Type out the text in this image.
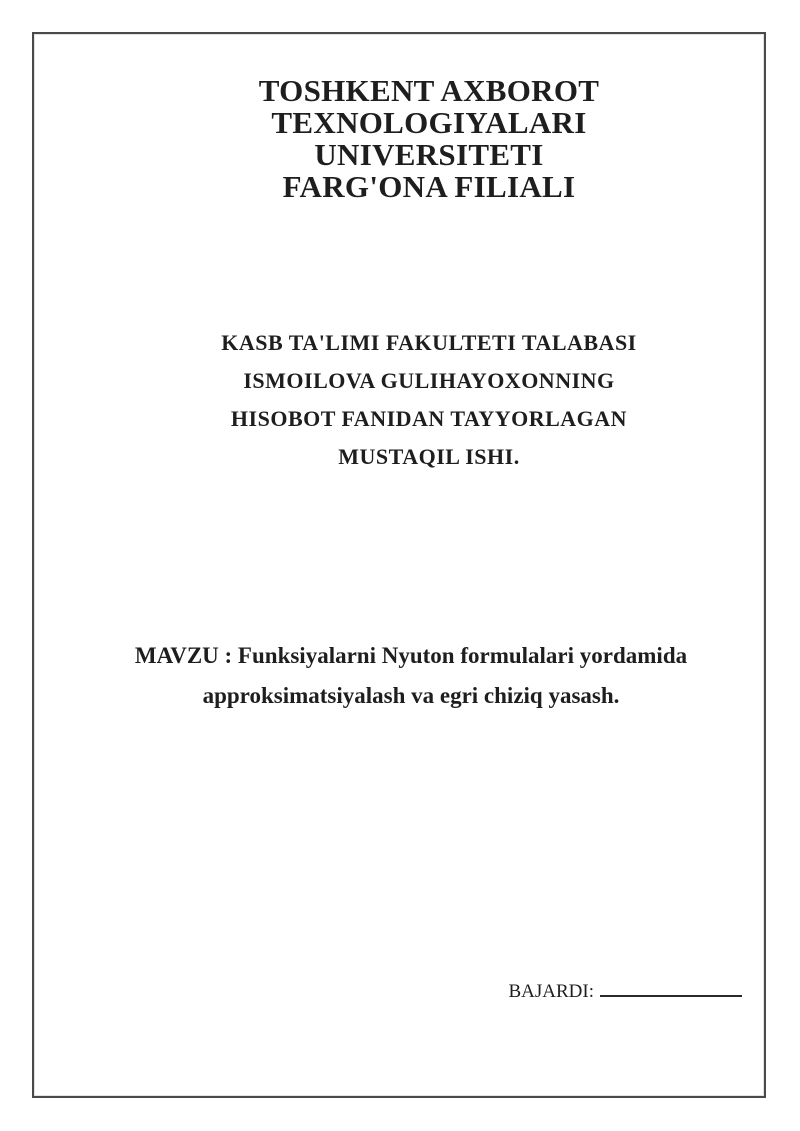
TOSHKENT AXBOROT TEXNOLOGIYALARI
UNIVERSITETI
FARG'ONA FILIALI
KASB TA'LIMI FAKULTETI TALABASI
ISMOILOVA GULIHAYOXONNING
HISOBOT FANIDAN TAYYORLAGAN
MUSTAQIL ISHI.
MAVZU : Funksiyalarni Nyuton formulalari yordamida
approksimatsiyalash va egri chiziq yasash.
BAJARDI:
